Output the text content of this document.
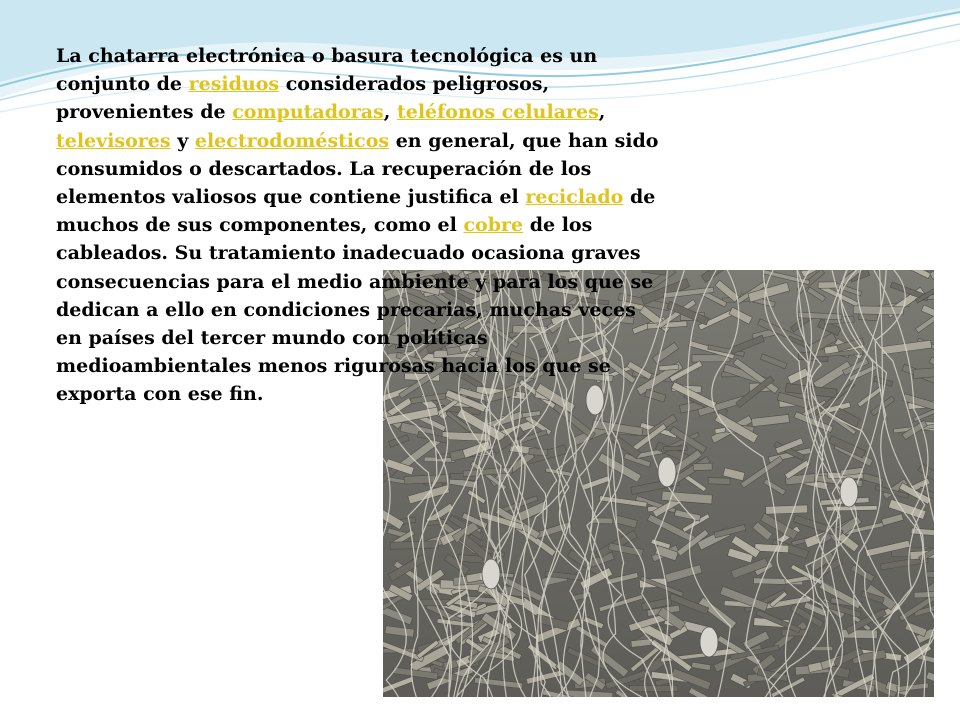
La chatarra electrónica o basura tecnológica es un
conjunto de residuos considerados peligrosos,
provenientes de computadoras, teléfonos celulares,
televisores y electrodomésticos en general, que han sido
consumidos o descartados. La recuperación de los
elementos valiosos que contiene justifica el reciclado de
muchos de sus componentes, como el cobre de los
cableados. Su tratamiento inadecuado ocasiona graves
consecuencias para el medio ambiente y para los que se
dedican a ello en condiciones precarias, muchas veces
en países del tercer mundo con políticas
medioambientales menos rigurosas hacia los que se
exporta con ese fin.
